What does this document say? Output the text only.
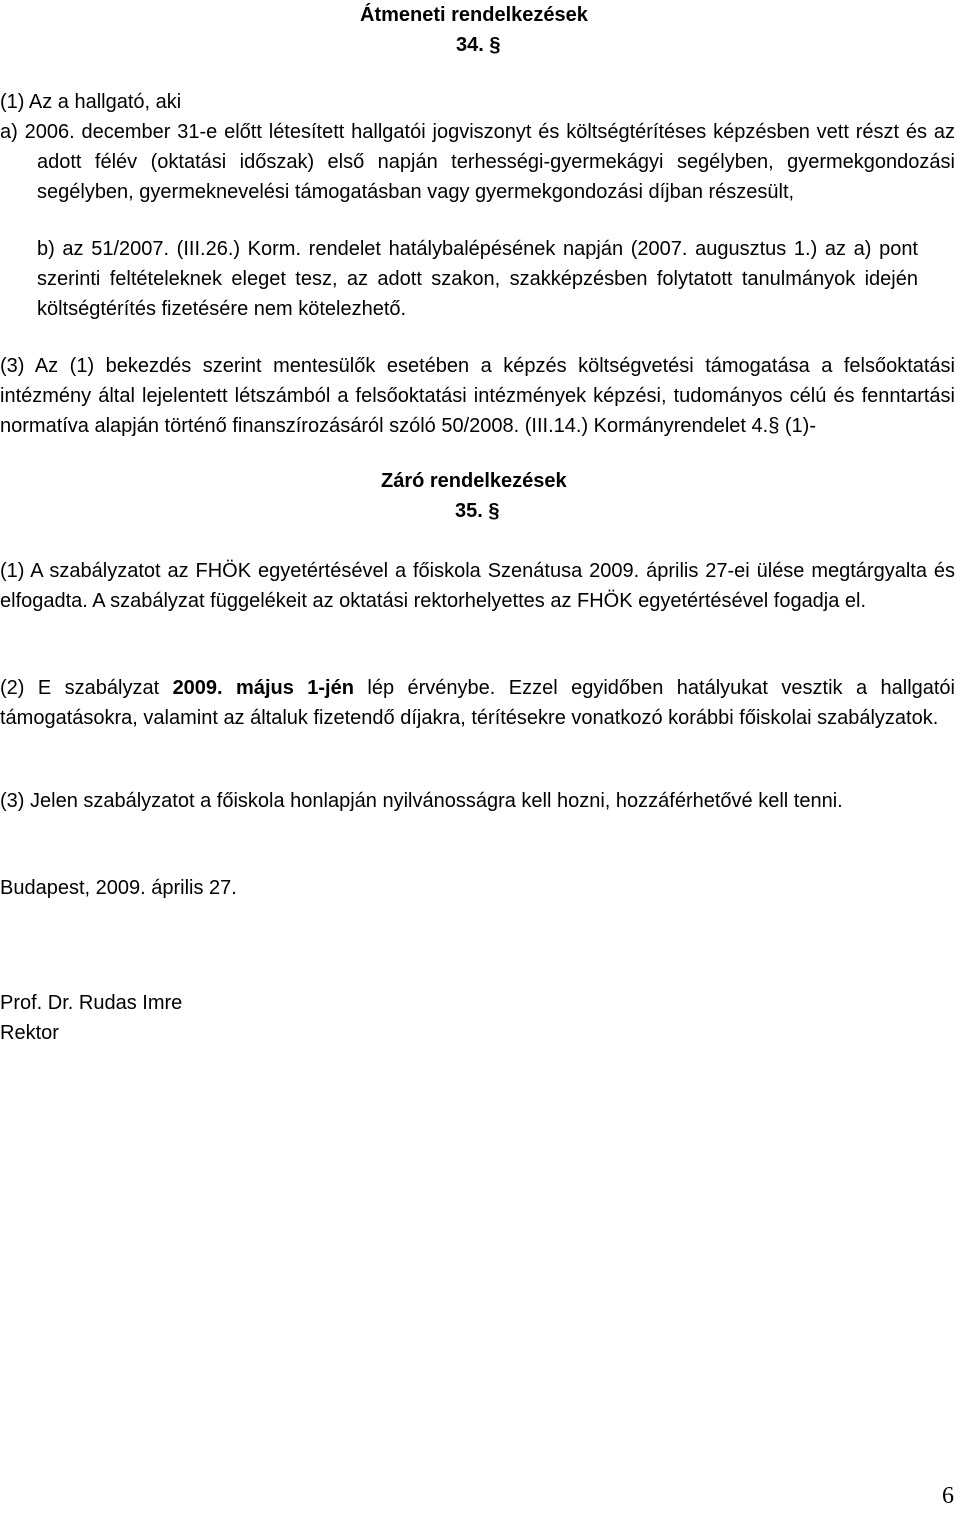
Átmeneti rendelkezések
34. §
(1) Az a hallgató, aki
a) 2006. december 31-e előtt létesített hallgatói jogviszonyt és költségtérítéses képzésben vett részt és az adott félév (oktatási időszak) első napján terhességi-gyermekágyi segélyben, gyermekgondozási segélyben, gyermeknevelési támogatásban vagy gyermekgondozási díjban részesült,
b) az 51/2007. (III.26.) Korm. rendelet hatálybalépésének napján (2007. augusztus 1.) az a) pont szerinti feltételeknek eleget tesz, az adott szakon, szakképzésben folytatott tanulmányok idején költségtérítés fizetésére nem kötelezhető.
(3) Az (1) bekezdés szerint mentesülők esetében a képzés költségvetési támogatása a felsőoktatási intézmény által lejelentett létszámból a felsőoktatási intézmények képzési, tudományos célú és fenntartási normatíva alapján történő finanszírozásáról szóló 50/2008. (III.14.) Kormányrendelet 4.§ (1)-
Záró rendelkezések
35. §
(1) A szabályzatot az FHÖK egyetértésével a főiskola Szenátusa 2009. április 27-ei ülése megtárgyalta és elfogadta. A szabályzat függelékeit az oktatási rektorhelyettes az FHÖK egyetértésével fogadja el.
(2) E szabályzat 2009. május 1-jén lép érvénybe. Ezzel egyidőben hatályukat vesztik a hallgatói támogatásokra, valamint az általuk fizetendő díjakra, térítésekre vonatkozó korábbi főiskolai szabályzatok.
(3) Jelen szabályzatot a főiskola honlapján nyilvánosságra kell hozni, hozzáférhetővé kell tenni.
Budapest, 2009. április 27.
Prof. Dr. Rudas Imre
Rektor
6
